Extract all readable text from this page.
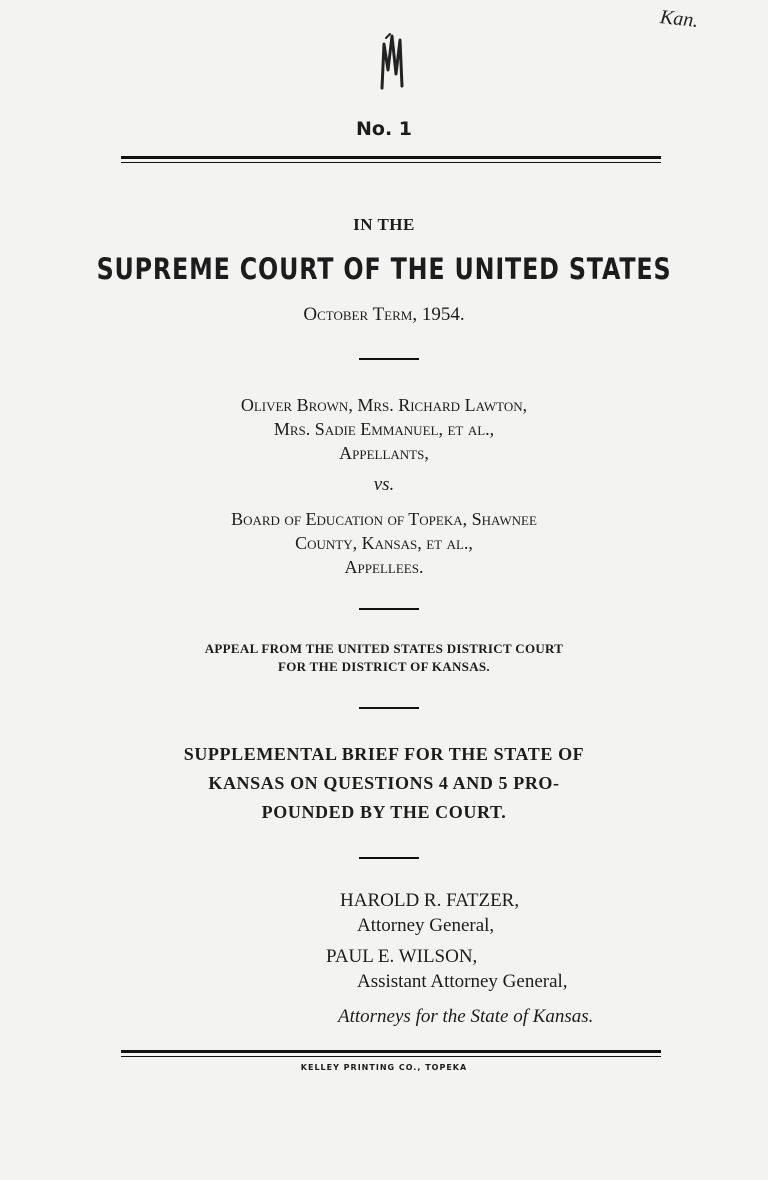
Kan.
No. 1
IN THE
SUPREME COURT OF THE UNITED STATES
October Term, 1954.
Oliver Brown, Mrs. Richard Lawton,
Mrs. Sadie Emmanuel, et al.,
Appellants,
vs.
Board of Education of Topeka, Shawnee
County, Kansas, et al.,
Appellees.
APPEAL FROM THE UNITED STATES DISTRICT COURT
FOR THE DISTRICT OF KANSAS.
SUPPLEMENTAL BRIEF FOR THE STATE OF
KANSAS ON QUESTIONS 4 AND 5 PRO-
POUNDED BY THE COURT.
HAROLD R. FATZER,
Attorney General,
PAUL E. WILSON,
Assistant Attorney General,
Attorneys for the State of Kansas.
KELLEY PRINTING CO., TOPEKA
